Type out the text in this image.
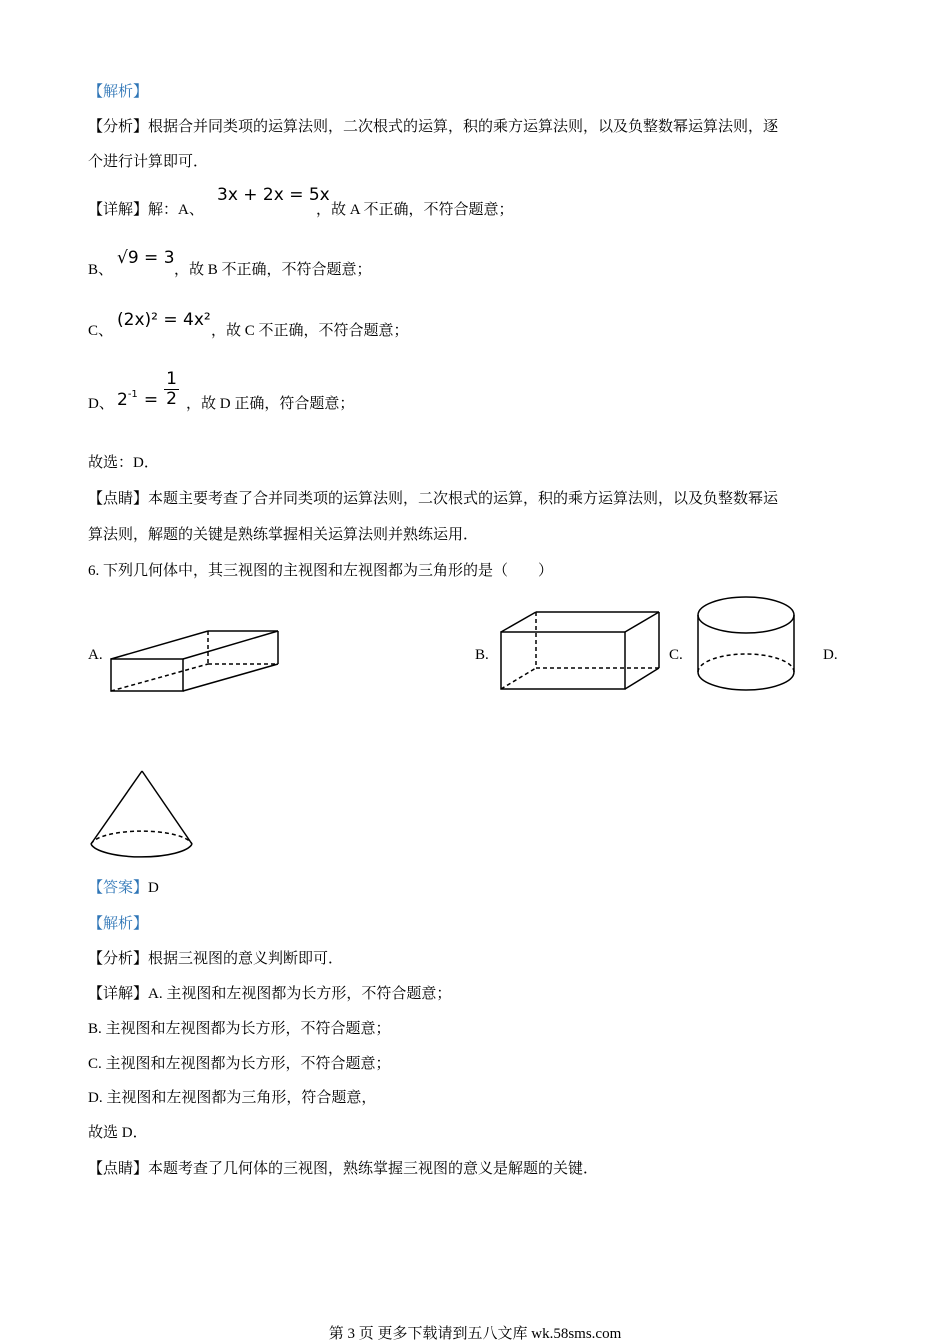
【解析】
【分析】根据合并同类项的运算法则，二次根式的运算，积的乘方运算法则，以及负整数幂运算法则，逐
个进行计算即可．
【详解】解：A、
3x + 2x = 5x
，故 A 不正确，不符合题意；
B、
√9 = 3
，故 B 不正确，不符合题意；
C、
(2x)² = 4x²
，故 C 不正确，不符合题意；
D、 $2-1 = \frac{1}{2}$ ，故 D 正确，符合题意；
故选：D．
【点睛】本题主要考查了合并同类项的运算法则，二次根式的运算，积的乘方运算法则，以及负整数幂运
算法则，解题的关键是熟练掌握相关运算法则并熟练运用．
6. 下列几何体中，其三视图的主视图和左视图都为三角形的是（　　）
A.	B.	C.	D.
【答案】D
【解析】
【分析】根据三视图的意义判断即可．
【详解】A. 主视图和左视图都为长方形，不符合题意；
B. 主视图和左视图都为长方形，不符合题意；
C. 主视图和左视图都为长方形，不符合题意；
D. 主视图和左视图都为三角形，符合题意，
故选 D．
【点睛】本题考查了几何体的三视图，熟练掌握三视图的意义是解题的关键．
第 3 页 更多下载请到五八文库 wk.58sms.com
